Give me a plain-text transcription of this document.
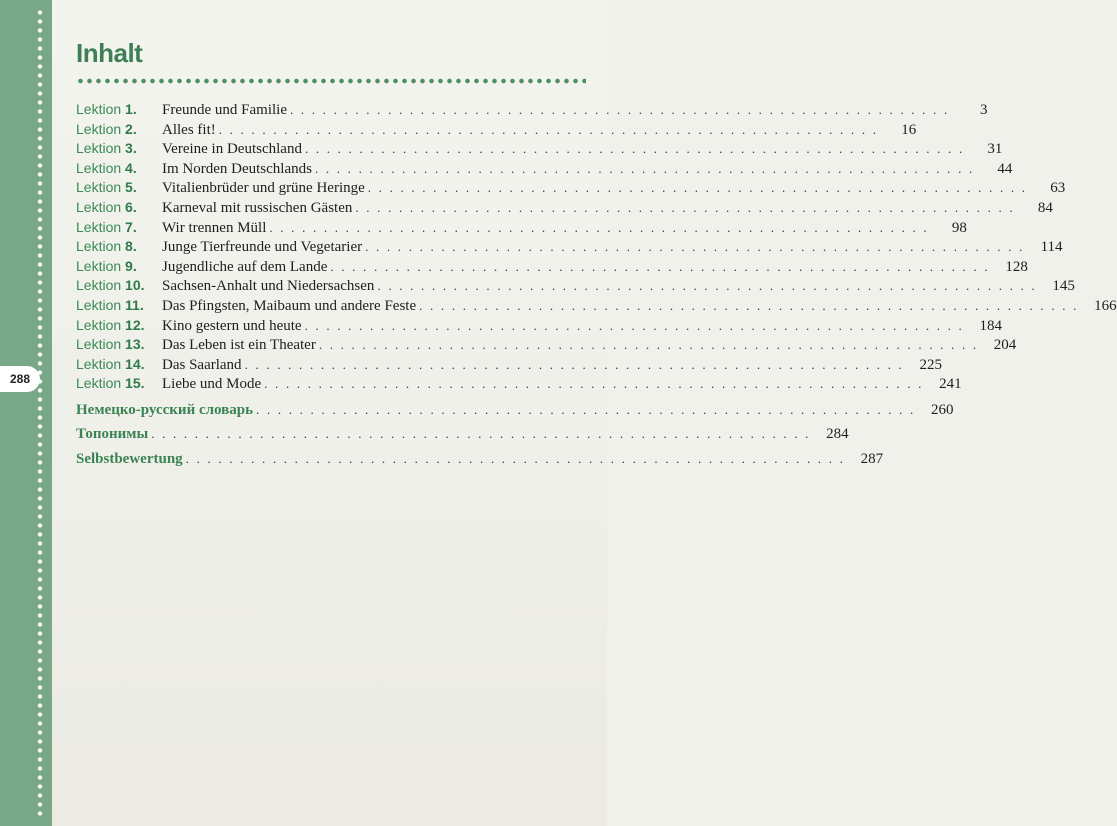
288
Inhalt
Lektion 1.	Freunde und Familie . . . . . . . . . . . . . . . . . . . . . . . . . . . . . . . . . . . . . . . . . . . . . . . . . . . . . . . . . . . . .	3
Lektion 2.	Alles fit! . . . . . . . . . . . . . . . . . . . . . . . . . . . . . . . . . . . . . . . . . . . . . . . . . . . . . . . . . . . . .	16
Lektion 3.	Vereine in Deutschland . . . . . . . . . . . . . . . . . . . . . . . . . . . . . . . . . . . . . . . . . . . . . . . . . . . . . . . . . . . . .	31
Lektion 4.	Im Norden Deutschlands . . . . . . . . . . . . . . . . . . . . . . . . . . . . . . . . . . . . . . . . . . . . . . . . . . . . . . . . . . . . .	44
Lektion 5.	Vitalienbrüder und grüne Heringe . . . . . . . . . . . . . . . . . . . . . . . . . . . . . . . . . . . . . . . . . . . . . . . . . . . . . . . . . . . . .	63
Lektion 6.	Karneval mit russischen Gästen . . . . . . . . . . . . . . . . . . . . . . . . . . . . . . . . . . . . . . . . . . . . . . . . . . . . . . . . . . . . .	84
Lektion 7.	Wir trennen Müll . . . . . . . . . . . . . . . . . . . . . . . . . . . . . . . . . . . . . . . . . . . . . . . . . . . . . . . . . . . . .	98
Lektion 8.	Junge Tierfreunde und Vegetarier . . . . . . . . . . . . . . . . . . . . . . . . . . . . . . . . . . . . . . . . . . . . . . . . . . . . . . . . . . . . .	114
Lektion 9.	Jugendliche auf dem Lande . . . . . . . . . . . . . . . . . . . . . . . . . . . . . . . . . . . . . . . . . . . . . . . . . . . . . . . . . . . . .	128
Lektion 10.	Sachsen-Anhalt und Niedersachsen . . . . . . . . . . . . . . . . . . . . . . . . . . . . . . . . . . . . . . . . . . . . . . . . . . . . . . . . . . . . .	145
Lektion 11.	Das Pfingsten, Maibaum und andere Feste . . . . . . . . . . . . . . . . . . . . . . . . . . . . . . . . . . . . . . . . . . . . . . . . . . . . . . . . . . . . .	166
Lektion 12.	Kino gestern und heute . . . . . . . . . . . . . . . . . . . . . . . . . . . . . . . . . . . . . . . . . . . . . . . . . . . . . . . . . . . . .	184
Lektion 13.	Das Leben ist ein Theater . . . . . . . . . . . . . . . . . . . . . . . . . . . . . . . . . . . . . . . . . . . . . . . . . . . . . . . . . . . . .	204
Lektion 14.	Das Saarland . . . . . . . . . . . . . . . . . . . . . . . . . . . . . . . . . . . . . . . . . . . . . . . . . . . . . . . . . . . . .	225
Lektion 15.	Liebe und Mode . . . . . . . . . . . . . . . . . . . . . . . . . . . . . . . . . . . . . . . . . . . . . . . . . . . . . . . . . . . . .	241
Немецко-русский словарь . . . . . . . . . . . . . . . . . . . . . . . . . . . . . . . . . . . . . . . . . . . . . . . . . . . . . . . . . . . . .	260
Топонимы . . . . . . . . . . . . . . . . . . . . . . . . . . . . . . . . . . . . . . . . . . . . . . . . . . . . . . . . . . . . .	284
Selbstbewertung . . . . . . . . . . . . . . . . . . . . . . . . . . . . . . . . . . . . . . . . . . . . . . . . . . . . . . . . . . . . .	287
